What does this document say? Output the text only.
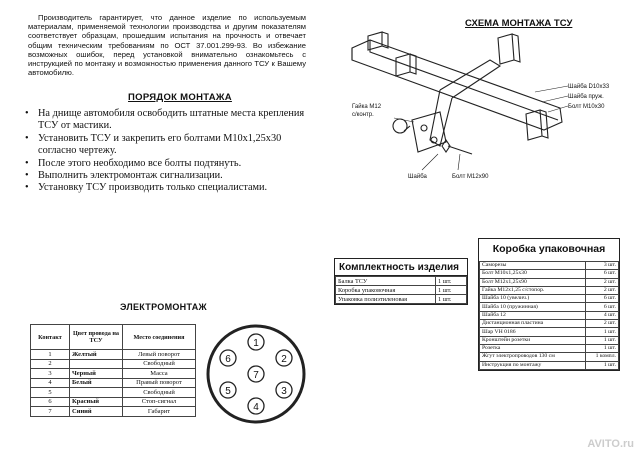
Производитель гарантирует, что данное изделие по используемым материалам, применяемой технологии производства и другим показателям соответствует образцам, прошедшим испытания на прочность и отвечает общим техническим требованиям по ОСТ 37.001.299-93. Во избежание возможных ошибок, перед установкой внимательно ознакомьтесь с инструкцией по монтажу и возможностью применения данного ТСУ к Вашему автомобилю.

ПОРЯДОК МОНТАЖА
• На днище автомобиля освободить штатные места крепления ТСУ от мастики.
• Установить ТСУ и закрепить его болтами М10х1,25х30 согласно чертежу.
• После этого необходимо все болты подтянуть.
• Выполнить электромонтаж сигнализации.
• Установку ТСУ производить только специалистами.
СХЕМА МОНТАЖА ТСУ
Шайба D10x33
Шайба пруж.
Болт М10х30
Гайка М12
с/контр.
Шайба	Болт М12х90
Комплектность изделия
Балка ТСУ	1 шт.
Коробка упаковочная	1 шт.
Упаковка полиэтиленовая	1 шт.
Коробка упаковочная
Саморезы	3 шт.
Болт М10х1,25х30	6 шт.
Болт М12х1,25х90	2 шт.
Гайка М12х1,25 с/стопор.	2 шт.
Шайба 10 (увелич.)	6 шт.
Шайба 10 (пружинная)	6 шт.
Шайба 12	4 шт.
Дистанционная пластина	2 шт.
Шар VH 0186	1 шт.
Кронштейн розетки	1 шт.
Розетка	1 шт.
Жгут электропроводов 130 см	1 компл.
Инструкция по монтажу	1 шт.
ЭЛЕКТРОМОНТАЖ
Контакт	Цвет провода на ТСУ	Место соединения
1	Желтый	Левый поворот
2		Свободный
3	Черный	Масса
4	Белый	Правый поворот
5		Свободный
6	Красный	Стоп-сигнал
7	Синий	Габарит
1
2
3
4
5
6
7
AVITO.ru
